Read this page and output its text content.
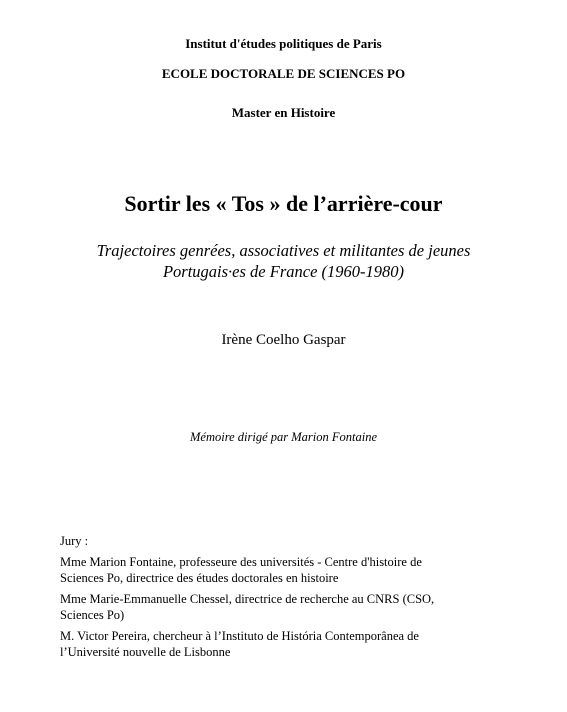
Institut d'études politiques de Paris
ECOLE DOCTORALE DE SCIENCES PO
Master en Histoire
Sortir les « Tos » de l’arrière-cour
Trajectoires genrées, associatives et militantes de jeunes
Portugais·es de France (1960-1980)
Irène Coelho Gaspar
Mémoire dirigé par Marion Fontaine
Jury :
Mme Marion Fontaine, professeure des universités - Centre d'histoire de
Sciences Po, directrice des études doctorales en histoire
Mme Marie-Emmanuelle Chessel, directrice de recherche au CNRS (CSO,
Sciences Po)
M. Victor Pereira, chercheur à l’Instituto de História Contemporânea de
l’Université nouvelle de Lisbonne
